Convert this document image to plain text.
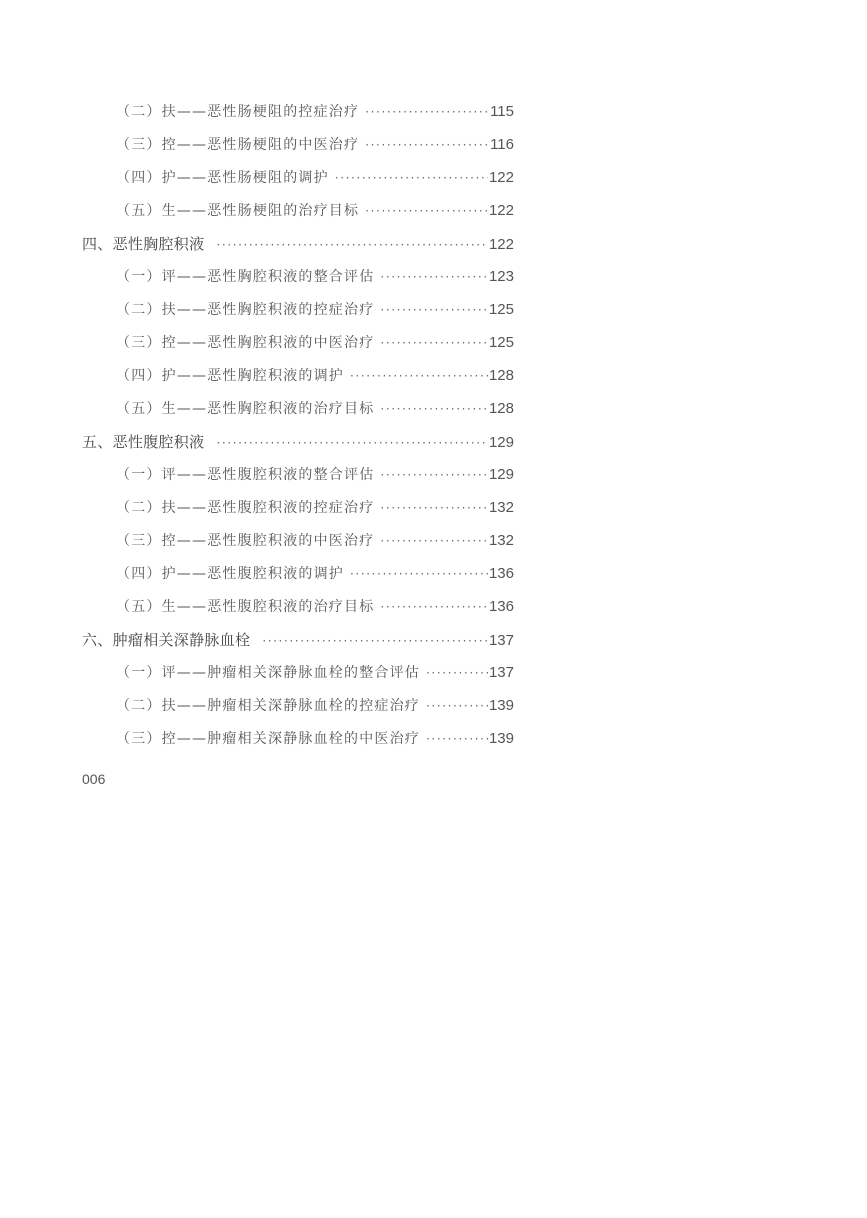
（二）扶——恶性肠梗阻的控症治疗 ·····	115
（三）控——恶性肠梗阻的中医治疗 ·····	116
（四）护——恶性肠梗阻的调护 ·····	122
（五）生——恶性肠梗阻的治疗目标 ·····	122
四、恶性胸腔积液 ·····	122
（一）评——恶性胸腔积液的整合评估 ·····	123
（二）扶——恶性胸腔积液的控症治疗 ·····	125
（三）控——恶性胸腔积液的中医治疗 ·····	125
（四）护——恶性胸腔积液的调护 ·····	128
（五）生——恶性胸腔积液的治疗目标 ·····	128
五、恶性腹腔积液 ·····	129
（一）评——恶性腹腔积液的整合评估 ·····	129
（二）扶——恶性腹腔积液的控症治疗 ·····	132
（三）控——恶性腹腔积液的中医治疗 ·····	132
（四）护——恶性腹腔积液的调护 ·····	136
（五）生——恶性腹腔积液的治疗目标 ·····	136
六、肿瘤相关深静脉血栓 ·····	137
（一）评——肿瘤相关深静脉血栓的整合评估 ·····	137
（二）扶——肿瘤相关深静脉血栓的控症治疗 ·····	139
（三）控——肿瘤相关深静脉血栓的中医治疗 ·····	139
006
